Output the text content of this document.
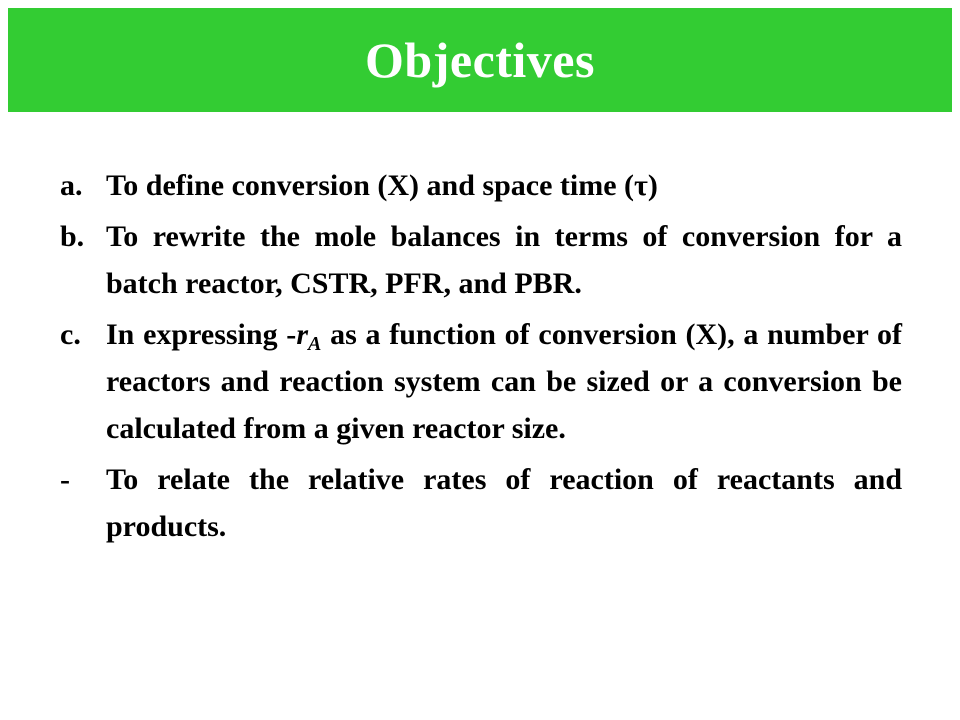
Objectives
a. To define conversion (X) and space time (τ)
b. To rewrite the mole balances in terms of conversion for a batch reactor, CSTR, PFR, and PBR.
c. In expressing $-r_A$ as a function of conversion (X), a number of reactors and reaction system can be sized or a conversion be calculated from a given reactor size.
-	To relate the relative rates of reaction of reactants and products.
